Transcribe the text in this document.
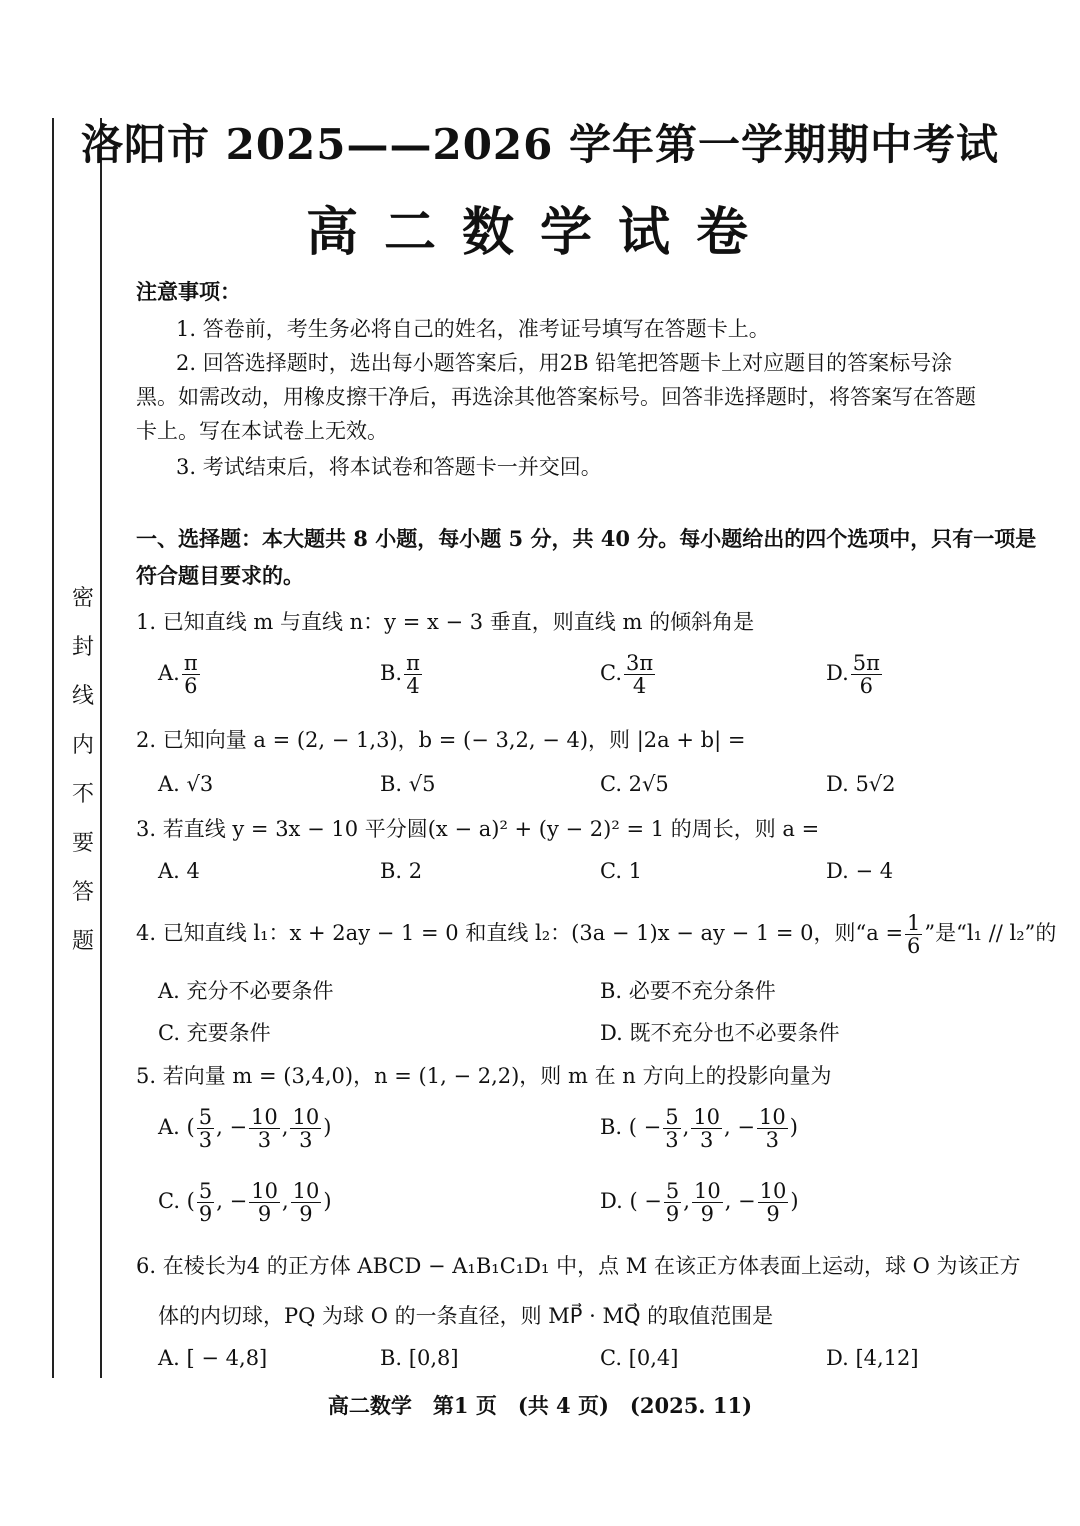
密
封
线
内
不
要
答
题
洛阳市 2025——2026 学年第一学期期中考试
高二数学试卷
注意事项：
1. 答卷前，考生务必将自己的姓名，准考证号填写在答题卡上。
2. 回答选择题时，选出每小题答案后，用2B 铅笔把答题卡上对应题目的答案标号涂
黑。如需改动，用橡皮擦干净后，再选涂其他答案标号。回答非选择题时，将答案写在答题
卡上。写在本试卷上无效。
3. 考试结束后，将本试卷和答题卡一并交回。
一、选择题：本大题共 8 小题，每小题 5 分，共 40 分。每小题给出的四个选项中，只有一项是
符合题目要求的。
1. 已知直线 m 与直线 n：y = x − 3 垂直，则直线 m 的倾斜角是
A. $\frac{\pi}{6}$	B. $\frac{\pi}{4}$	C. $\frac{3\pi}{4}$	D. $\frac{5\pi}{6}$
2. 已知向量 a = (2, − 1,3)，b = (− 3,2, − 4)，则 |2a + b| =
A. √3	B. √5	C. 2√5	D. 5√2
3. 若直线 y = 3x − 10 平分圆(x − a)² + (y − 2)² = 1 的周长，则 a =
A. 4	B. 2	C. 1	D. − 4
4. 已知直线 l₁：x + 2ay − 1 = 0 和直线 l₂：(3a − 1)x − ay − 1 = 0，则“$a = \frac{1}{6}$ ”是“l₁ // l₂”的
A. 充分不必要条件	B. 必要不充分条件
C. 充要条件	D. 既不充分也不必要条件
5. 若向量 m = (3,4,0)，n = (1, − 2,2)，则 m 在 n 方向上的投影向量为
A. ( $\frac{5}{3}$ , − $\frac{10}{3}$ , $\frac{10}{3}$ )	B. ( − $\frac{5}{3}$ , $\frac{10}{3}$ , − $\frac{10}{3}$ )
C. ( $\frac{5}{9}$ , − $\frac{10}{9}$ , $\frac{10}{9}$ )	D. ( − $\frac{5}{9}$ , $\frac{10}{9}$ , − $\frac{10}{9}$ )
6. 在棱长为4 的正方体 ABCD − A₁B₁C₁D₁ 中，点 M 在该正方体表面上运动，球 O 为该正方
体的内切球，PQ 为球 O 的一条直径，则 MP⃗ · MQ⃗ 的取值范围是
A. [ − 4,8]	B. [0,8]	C. [0,4]	D. [4,12]
高二数学　第1 页　(共 4 页)　(2025. 11)
